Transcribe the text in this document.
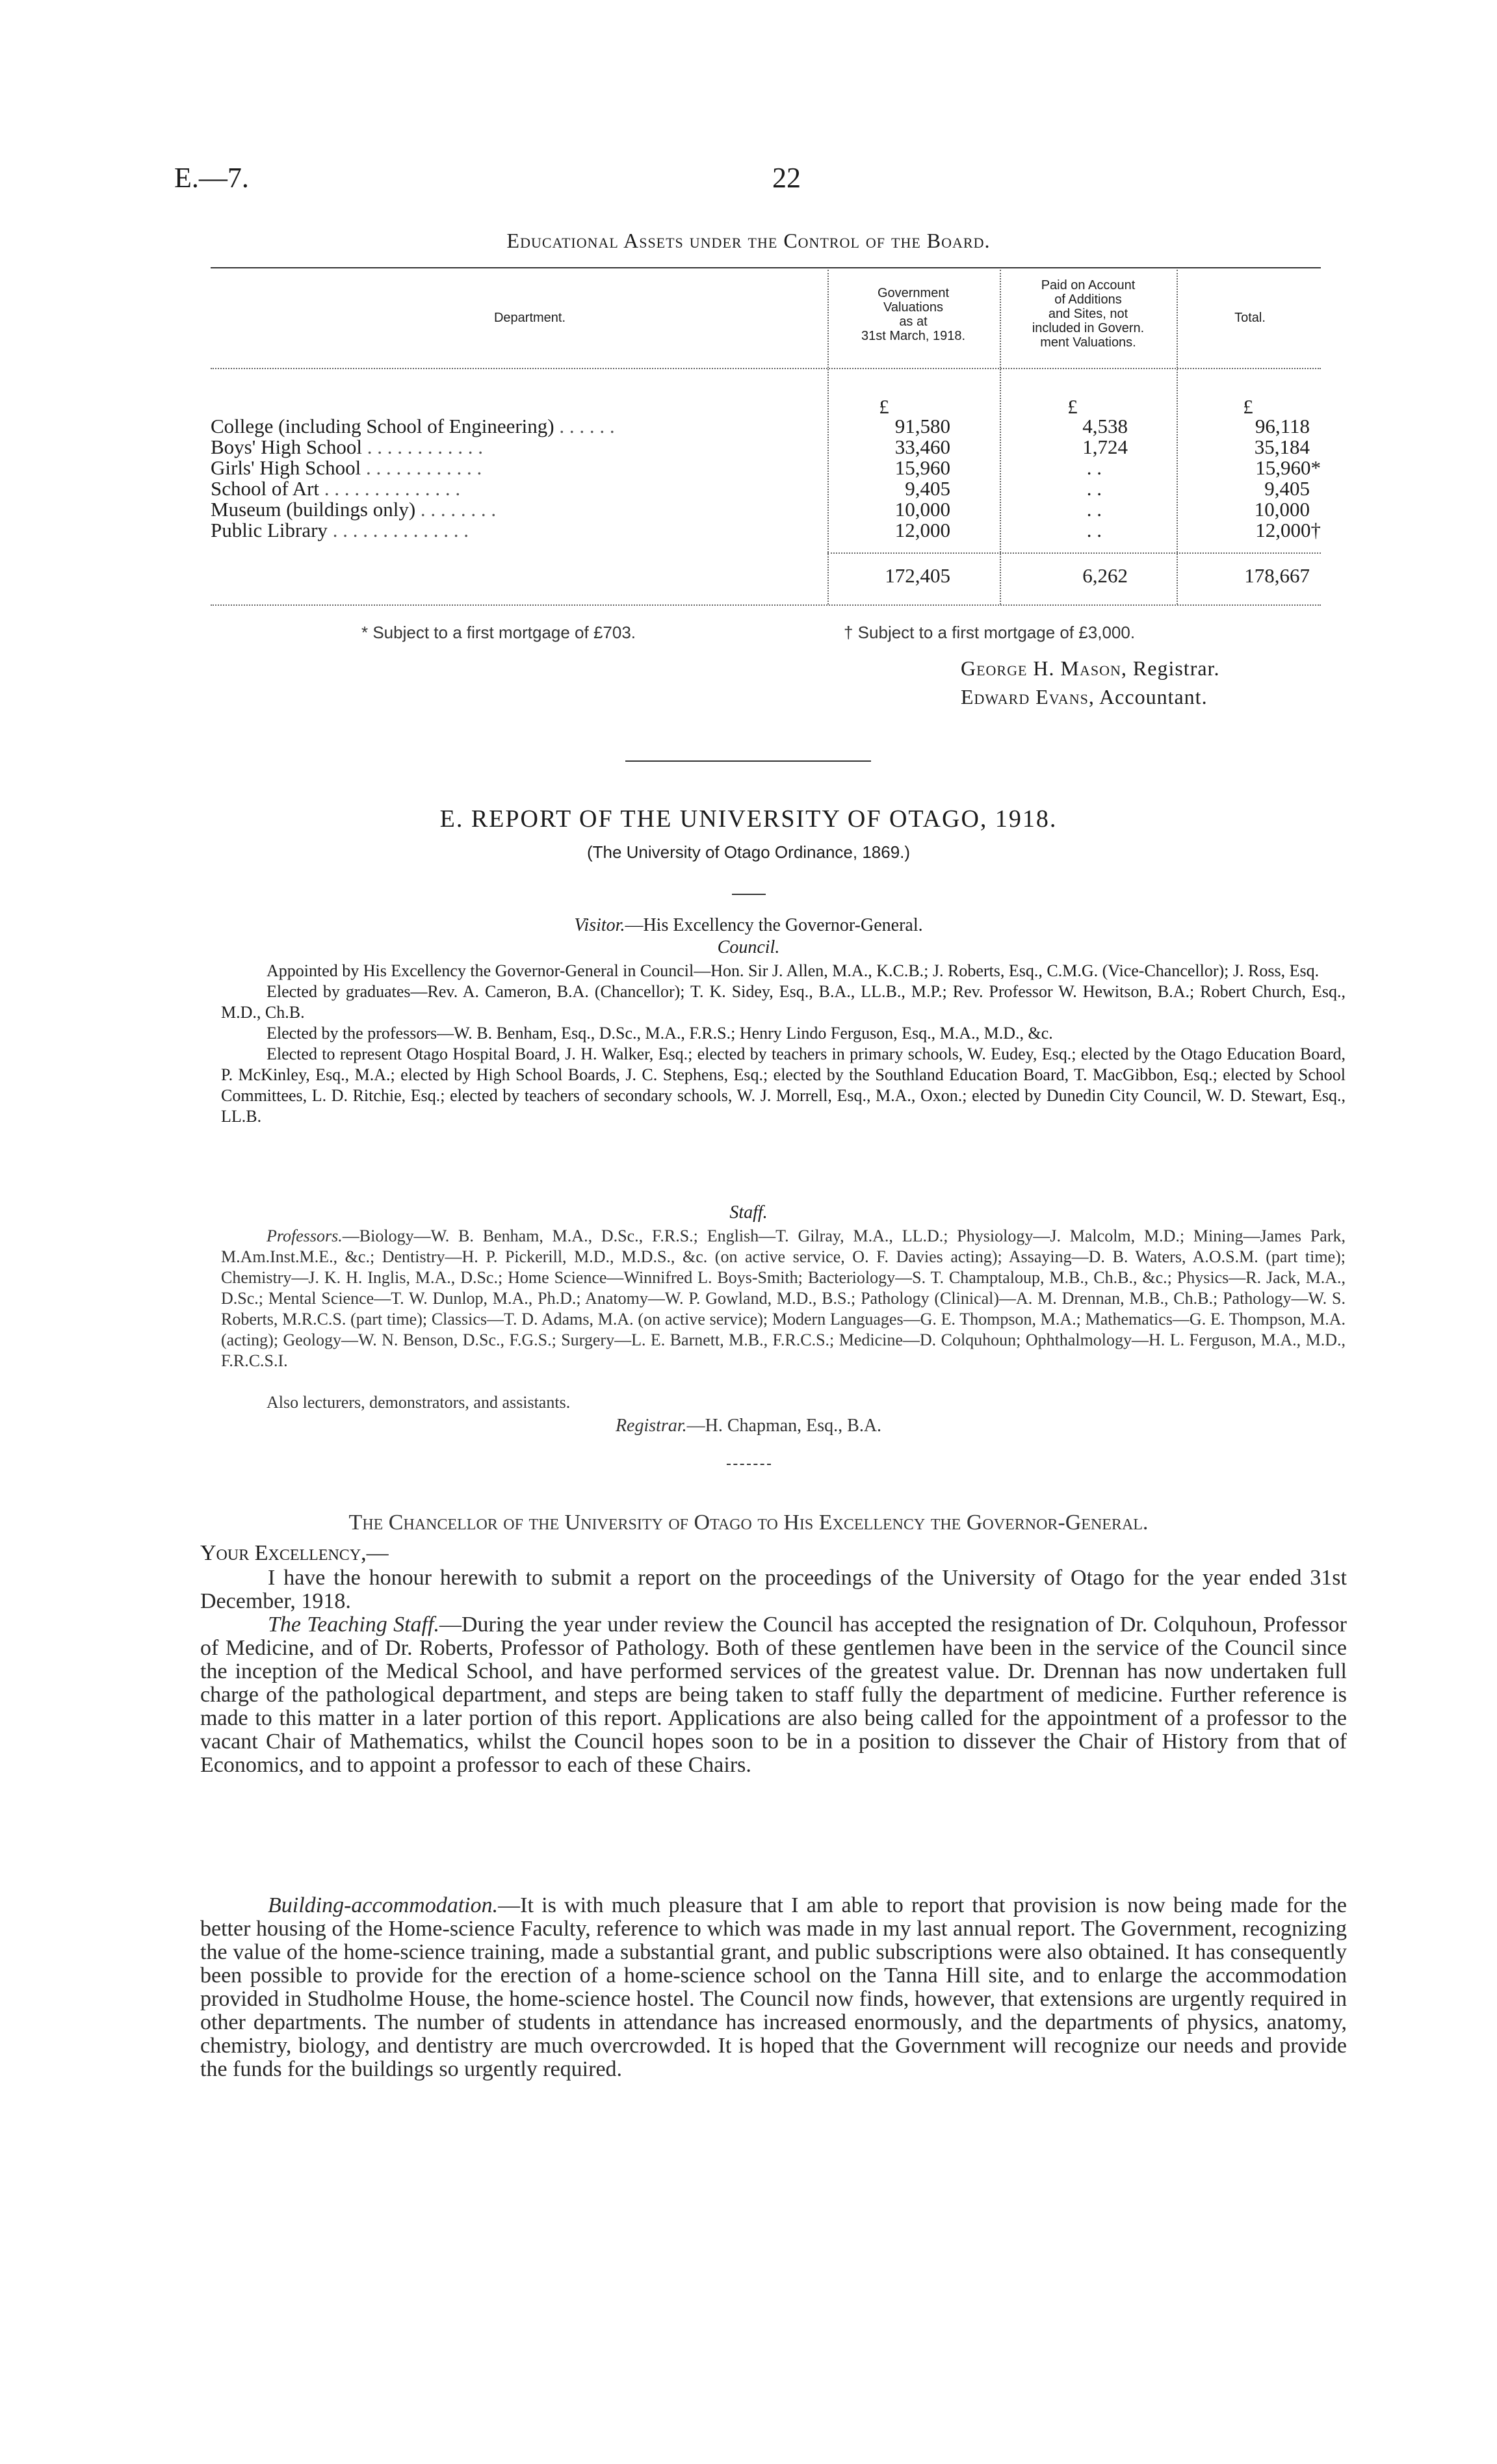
E.—7.	22
Educational Assets under the Control of the Board.
Department.
Government
Valuations
as at
31st March, 1918.
Paid on Account
of Additions
and Sites, not
included in Govern.
ment Valuations.
Total.
£	£	£
College (including School of Engineering) . . . . . .	91,580	4,538	96,118
Boys' High School . . . . . . . . . . . .	33,460	1,724	35,184
Girls' High School . . . . . . . . . . . .	15,960	. .	15,960*
School of Art . . . . . . . . . . . . . .	9,405	. .	9,405
Museum (buildings only) . . . . . . . .	10,000	. .	10,000
Public Library . . . . . . . . . . . . . .	12,000	. .	12,000†
172,405	6,262	178,667
* Subject to a first mortgage of £703.	† Subject to a first mortgage of £3,000.
George H. Mason, Registrar.
Edward Evans, Accountant.
E. REPORT OF THE UNIVERSITY OF OTAGO, 1918.
(The University of Otago Ordinance, 1869.)
Visitor.—His Excellency the Governor-General.
Council.
Appointed by His Excellency the Governor-General in Council—Hon. Sir J. Allen, M.A., K.C.B.; J. Roberts, Esq., C.M.G. (Vice-Chancellor); J. Ross, Esq.
Elected by graduates—Rev. A. Cameron, B.A. (Chancellor); T. K. Sidey, Esq., B.A., LL.B., M.P.; Rev. Professor W. Hewitson, B.A.; Robert Church, Esq., M.D., Ch.B.
Elected by the professors—W. B. Benham, Esq., D.Sc., M.A., F.R.S.; Henry Lindo Ferguson, Esq., M.A., M.D., &c.
Elected to represent Otago Hospital Board, J. H. Walker, Esq.; elected by teachers in primary schools, W. Eudey, Esq.; elected by the Otago Education Board, P. McKinley, Esq., M.A.; elected by High School Boards, J. C. Stephens, Esq.; elected by the Southland Education Board, T. MacGibbon, Esq.; elected by School Committees, L. D. Ritchie, Esq.; elected by teachers of secondary schools, W. J. Morrell, Esq., M.A., Oxon.; elected by Dunedin City Council, W. D. Stewart, Esq., LL.B.
Staff.
Professors.—Biology—W. B. Benham, M.A., D.Sc., F.R.S.; English—T. Gilray, M.A., LL.D.; Physiology—J. Malcolm, M.D.; Mining—James Park, M.Am.Inst.M.E., &c.; Dentistry—H. P. Pickerill, M.D., M.D.S., &c. (on active service, O. F. Davies acting); Assaying—D. B. Waters, A.O.S.M. (part time); Chemistry—J. K. H. Inglis, M.A., D.Sc.; Home Science—Winnifred L. Boys-Smith; Bacteriology—S. T. Champtaloup, M.B., Ch.B., &c.; Physics—R. Jack, M.A., D.Sc.; Mental Science—T. W. Dunlop, M.A., Ph.D.; Anatomy—W. P. Gowland, M.D., B.S.; Pathology (Clinical)—A. M. Drennan, M.B., Ch.B.; Pathology—W. S. Roberts, M.R.C.S. (part time); Classics—T. D. Adams, M.A. (on active service); Modern Languages—G. E. Thompson, M.A.; Mathematics—G. E. Thompson, M.A. (acting); Geology—W. N. Benson, D.Sc., F.G.S.; Surgery—L. E. Barnett, M.B., F.R.C.S.; Medicine—D. Colquhoun; Ophthalmology—H. L. Ferguson, M.A., M.D., F.R.C.S.I.
Also lecturers, demonstrators, and assistants.
Registrar.—H. Chapman, Esq., B.A.
The Chancellor of the University of Otago to His Excellency the Governor-General.
Your Excellency,—
I have the honour herewith to submit a report on the proceedings of the University of Otago for the year ended 31st December, 1918.
The Teaching Staff.—During the year under review the Council has accepted the resignation of Dr. Colquhoun, Professor of Medicine, and of Dr. Roberts, Professor of Pathology. Both of these gentlemen have been in the service of the Council since the inception of the Medical School, and have performed services of the greatest value. Dr. Drennan has now undertaken full charge of the pathological department, and steps are being taken to staff fully the department of medicine. Further reference is made to this matter in a later portion of this report. Applications are also being called for the appointment of a professor to the vacant Chair of Mathematics, whilst the Council hopes soon to be in a position to dissever the Chair of History from that of Economics, and to appoint a professor to each of these Chairs.
Building-accommodation.—It is with much pleasure that I am able to report that provision is now being made for the better housing of the Home-science Faculty, reference to which was made in my last annual report. The Government, recognizing the value of the home-science training, made a substantial grant, and public subscriptions were also obtained. It has consequently been possible to provide for the erection of a home-science school on the Tanna Hill site, and to enlarge the accommodation provided in Studholme House, the home-science hostel. The Council now finds, however, that extensions are urgently required in other departments. The number of students in attendance has increased enormously, and the departments of physics, anatomy, chemistry, biology, and dentistry are much overcrowded. It is hoped that the Government will recognize our needs and provide the funds for the buildings so urgently required.
